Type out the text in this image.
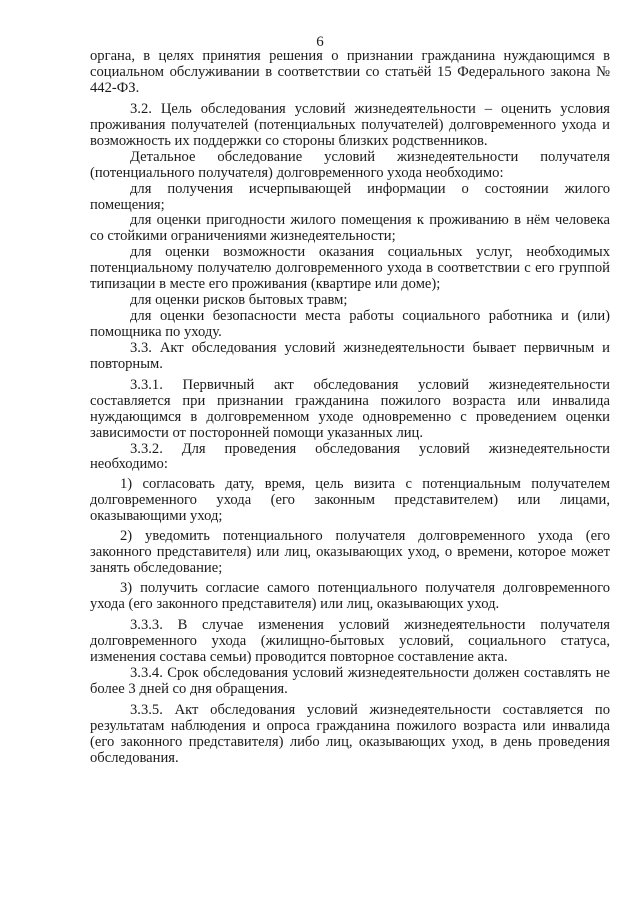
6

органа, в целях принятия решения о признании гражданина нуждающимся в социальном обслуживании в соответствии со статьёй 15 Федерального закона № 442-ФЗ.

3.2. Цель обследования условий жизнедеятельности – оценить условия проживания получателей (потенциальных получателей) долговременного ухода и возможность их поддержки со стороны близких родственников.

Детальное обследование условий жизнедеятельности получателя (потенциального получателя) долговременного ухода необходимо:

для получения исчерпывающей информации о состоянии жилого помещения;

для оценки пригодности жилого помещения к проживанию в нём человека со стойкими ограничениями жизнедеятельности;

для оценки возможности оказания социальных услуг, необходимых потенциальному получателю долговременного ухода в соответствии с его группой типизации в месте его проживания (квартире или доме);

для оценки рисков бытовых травм;

для оценки безопасности места работы социального работника и (или) помощника по уходу.

3.3. Акт обследования условий жизнедеятельности бывает первичным и повторным.

3.3.1. Первичный акт обследования условий жизнедеятельности составляется при признании гражданина пожилого возраста или инвалида нуждающимся в долговременном уходе одновременно с проведением оценки зависимости от посторонней помощи указанных лиц.

3.3.2. Для проведения обследования условий жизнедеятельности необходимо:

1) согласовать дату, время, цель визита с потенциальным получателем долговременного ухода (его законным представителем) или лицами, оказывающими уход;

2) уведомить потенциального получателя долговременного ухода (его законного представителя) или лиц, оказывающих уход, о времени, которое может занять обследование;

3) получить согласие самого потенциального получателя долговременного ухода (его законного представителя) или лиц, оказывающих уход.

3.3.3. В случае изменения условий жизнедеятельности получателя долговременного ухода (жилищно-бытовых условий, социального статуса, изменения состава семьи) проводится повторное составление акта.

3.3.4. Срок обследования условий жизнедеятельности должен составлять не более 3 дней со дня обращения.

3.3.5. Акт обследования условий жизнедеятельности составляется по результатам наблюдения и опроса гражданина пожилого возраста или инвалида (его законного представителя) либо лиц, оказывающих уход, в день проведения обследования.
